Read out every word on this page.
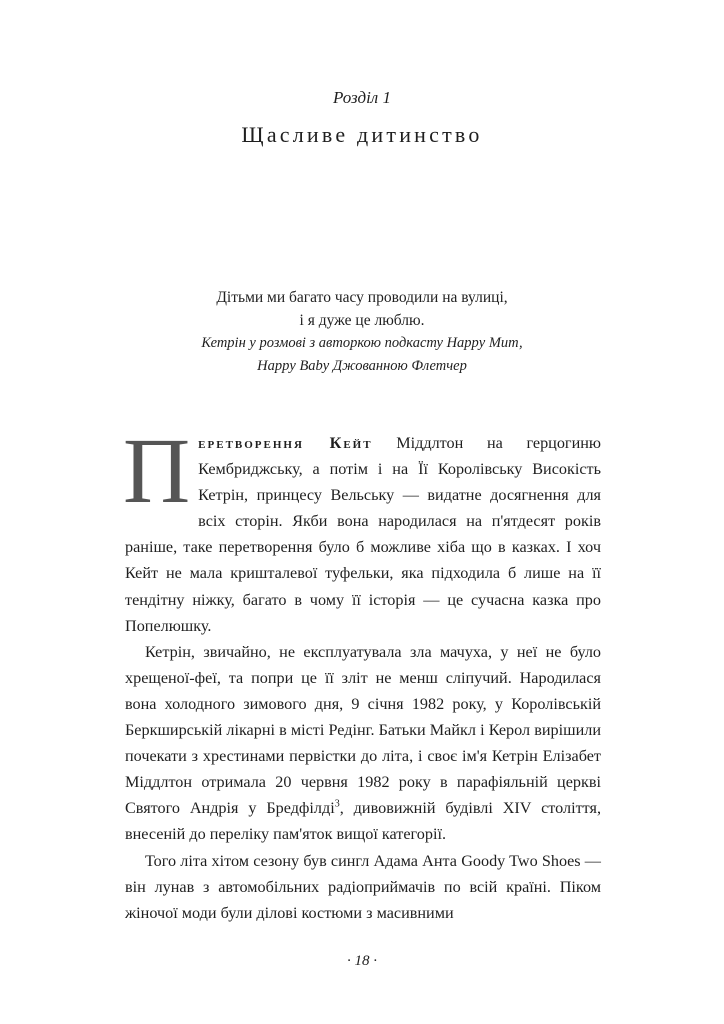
Розділ 1
Щасливе дитинство
Дітьми ми багато часу проводили на вулиці,
і я дуже це люблю.
Кетрін у розмові з авторкою подкасту Happy Мит,
Happy Baby Джованною Флетчер

Перетворення Кейт Міддлтон на герцогиню Кембриджську, а потім і на Її Королівську Високість Кетрін, принцесу Вельську — видатне досягнення для всіх сторін. Якби вона народилася на п'ятдесят років раніше, таке перетворення було б можливе хіба що в казках. І хоч Кейт не мала кришталевої туфельки, яка підходила б лише на її тендітну ніжку, багато в чому її історія — це сучасна казка про Попелюшку.

Кетрін, звичайно, не експлуатувала зла мачуха, у неї не було хрещеної-феї, та попри це її зліт не менш сліпучий. Народилася вона холодного зимового дня, 9 січня 1982 року, у Королівській Беркширській лікарні в місті Редінг. Батьки Майкл і Керол вирішили почекати з хрестинами первістки до літа, і своє ім'я Кетрін Елізабет Міддлтон отримала 20 червня 1982 року в парафіяльній церкві Святого Андрія у Бредфілді$^3$, дивовижній будівлі XIV століття, внесеній до переліку пам'яток вищої категорії.

Того літа хітом сезону був сингл Адама Анта Goody Two Shoes — він лунав з автомобільних радіоприймачів по всій країні. Піком жіночої моди були ділові костюми з масивними

· 18 ·
